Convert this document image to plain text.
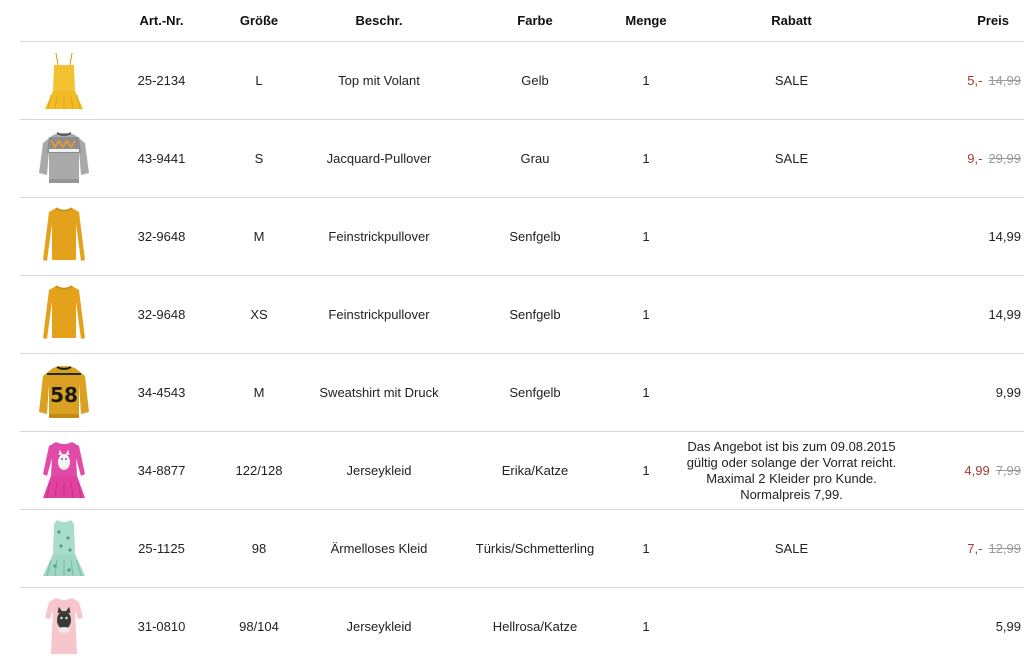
	Art.-Nr.	Größe	Beschr.	Farbe	Menge	Rabatt	Preis

	25-2134	L	Top mit Volant	Gelb	1	SALE	5,- 14,99

	43-9441	S	Jacquard-Pullover	Grau	1	SALE	9,- 29,99

	32-9648	M	Feinstrickpullover	Senfgelb	1		14,99

	32-9648	XS	Feinstrickpullover	Senfgelb	1		14,99

58	34-4543	M	Sweatshirt mit Druck	Senfgelb	1		9,99

	34-8877	122/128	Jerseykleid	Erika/Katze	1	Das Angebot ist bis zum 09.08.2015 gültig oder solange der Vorrat reicht. Maximal 2 Kleider pro Kunde. Normalpreis 7,99.	4,99 7,99

	25-1125	98	Ärmelloses Kleid	Türkis/Schmetterling	1	SALE	7,- 12,99

	31-0810	98/104	Jerseykleid	Hellrosa/Katze	1		5,99
